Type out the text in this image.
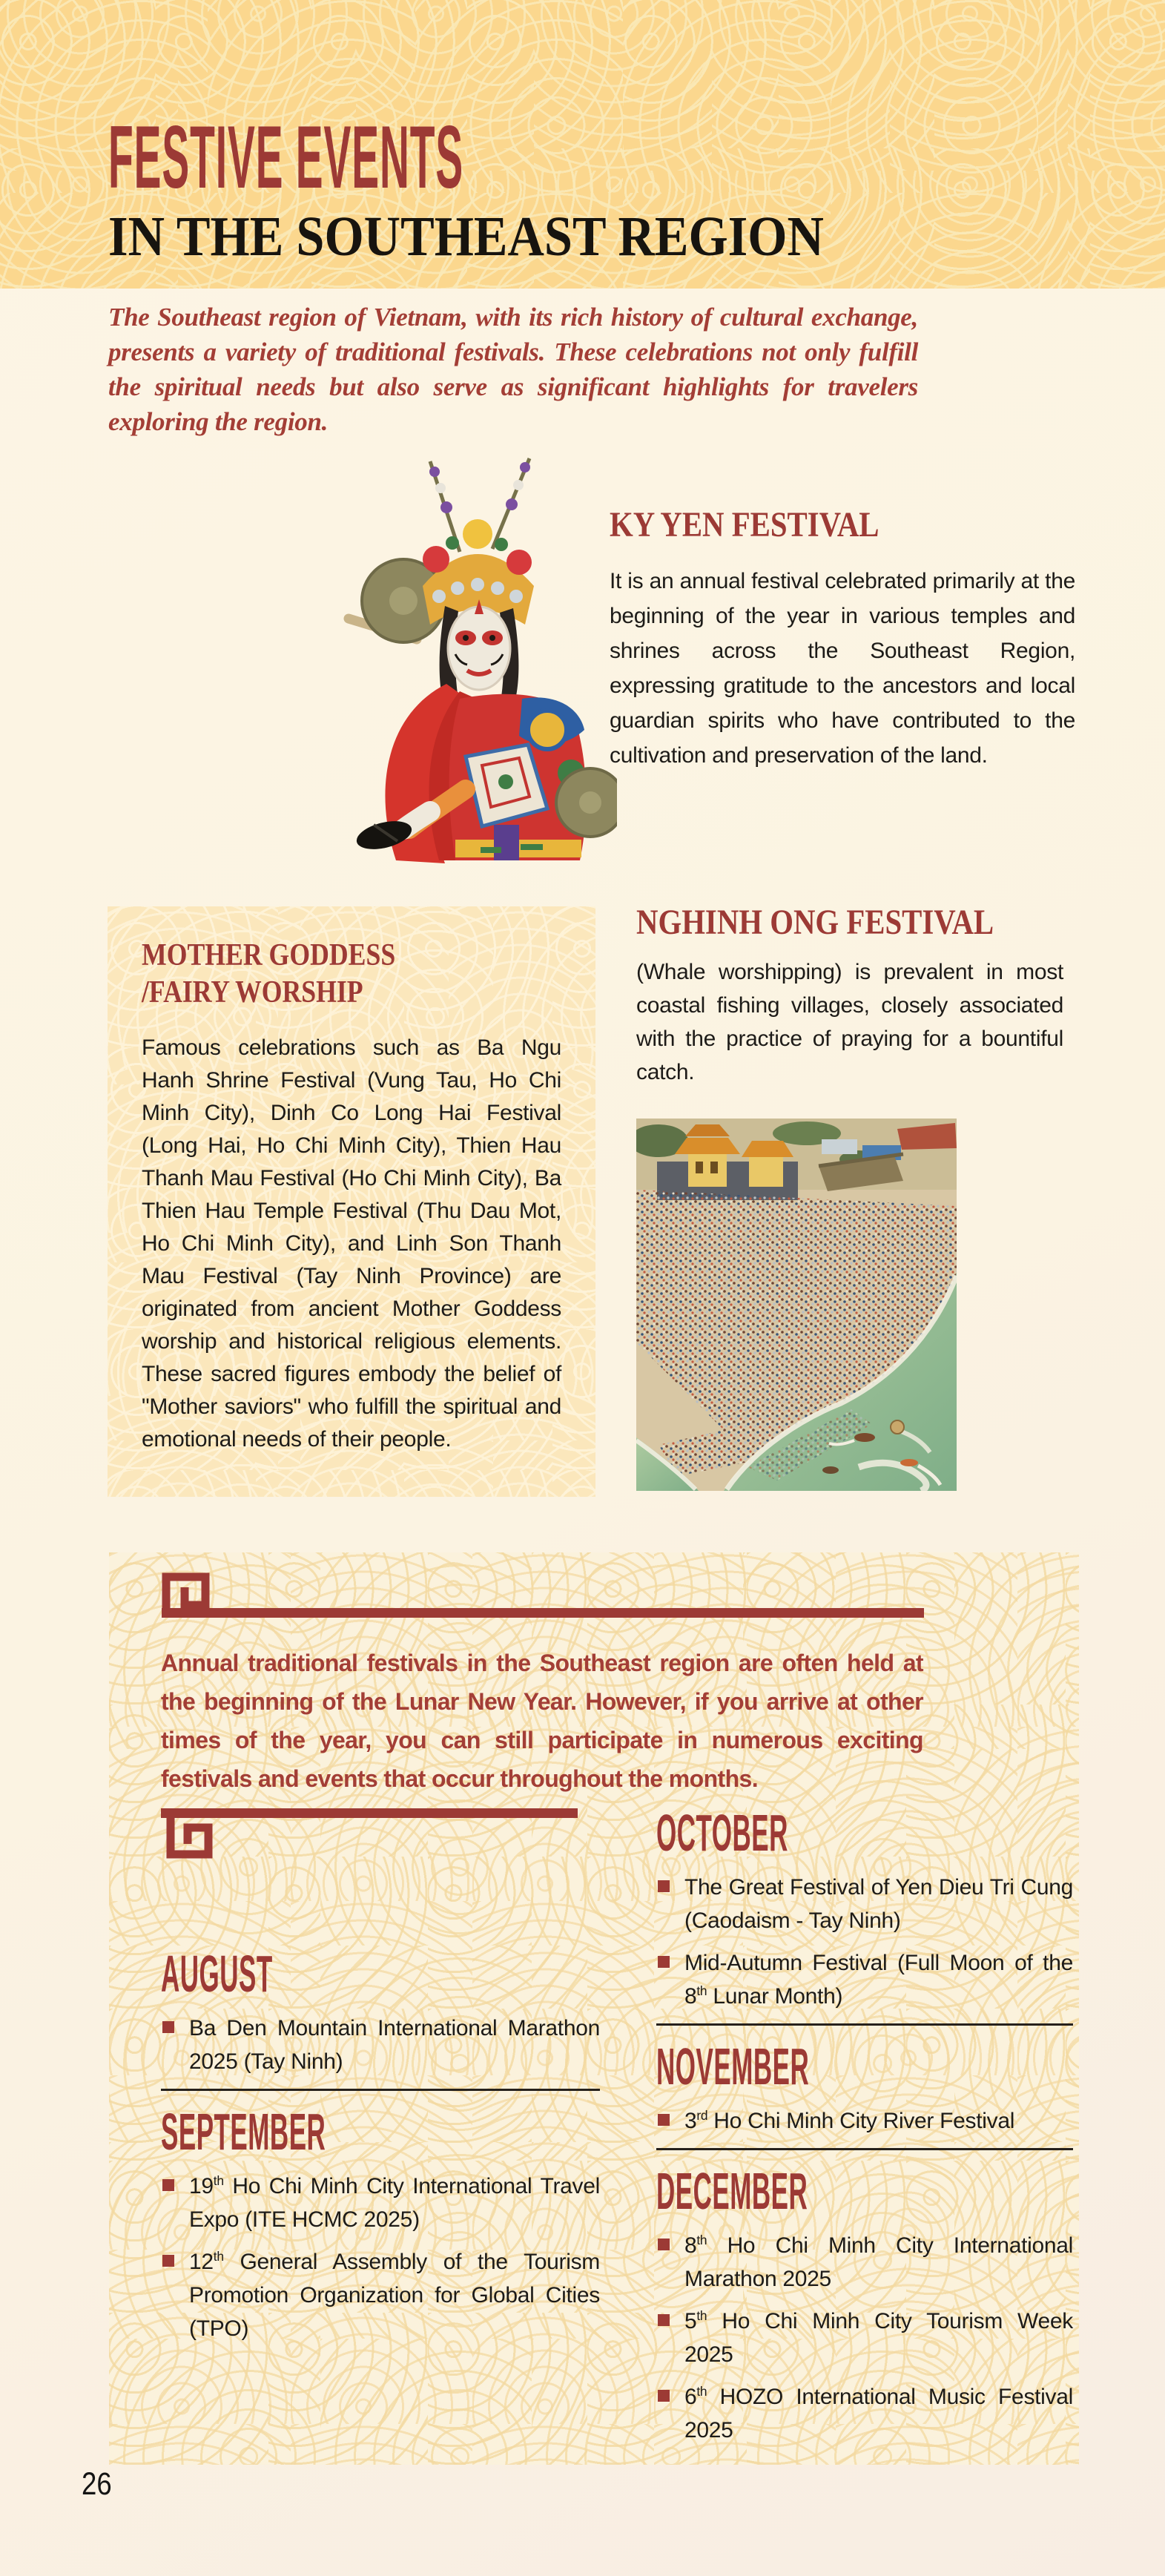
FESTIVE EVENTS
IN THE SOUTHEAST REGION

The Southeast region of Vietnam, with its rich history of cultural exchange, presents a variety of traditional festivals. These celebrations not only fulfill the spiritual needs but also serve as significant highlights for travelers exploring the region.

KY YEN FESTIVAL

It is an annual festival celebrated primarily at the beginning of the year in various temples and shrines across the Southeast Region, expressing gratitude to the ancestors and local guardian spirits who have contributed to the cultivation and preservation of the land.

MOTHER GODDESS
/FAIRY WORSHIP

Famous celebrations such as Ba Ngu Hanh Shrine Festival (Vung Tau, Ho Chi Minh City), Dinh Co Long Hai Festival (Long Hai, Ho Chi Minh City), Thien Hau Thanh Mau Festival (Ho Chi Minh City), Ba Thien Hau Temple Festival (Thu Dau Mot, Ho Chi Minh City), and Linh Son Thanh Mau Festival (Tay Ninh Province) are originated from ancient Mother Goddess worship and historical religious elements. These sacred figures embody the belief of "Mother saviors" who fulfill the spiritual and emotional needs of their people.

NGHINH ONG FESTIVAL

(Whale worshipping) is prevalent in most coastal fishing villages, closely associated with the practice of praying for a bountiful catch.

Annual traditional festivals in the Southeast region are often held at the beginning of the Lunar New Year. However, if you arrive at other times of the year, you can still participate in numerous exciting festivals and events that occur throughout the months.

AUGUST
Ba Den Mountain International Marathon 2025 (Tay Ninh)
SEPTEMBER
19th Ho Chi Minh City International Travel Expo (ITE HCMC 2025)
12th General Assembly of the Tourism Promotion Organization for Global Cities (TPO)
OCTOBER
The Great Festival of Yen Dieu Tri Cung (Caodaism - Tay Ninh)
Mid-Autumn Festival (Full Moon of the 8th Lunar Month)
NOVEMBER
3rd Ho Chi Minh City River Festival
DECEMBER
8th Ho Chi Minh City International Marathon 2025
5th Ho Chi Minh City Tourism Week 2025
6th HOZO International Music Festival 2025
26
